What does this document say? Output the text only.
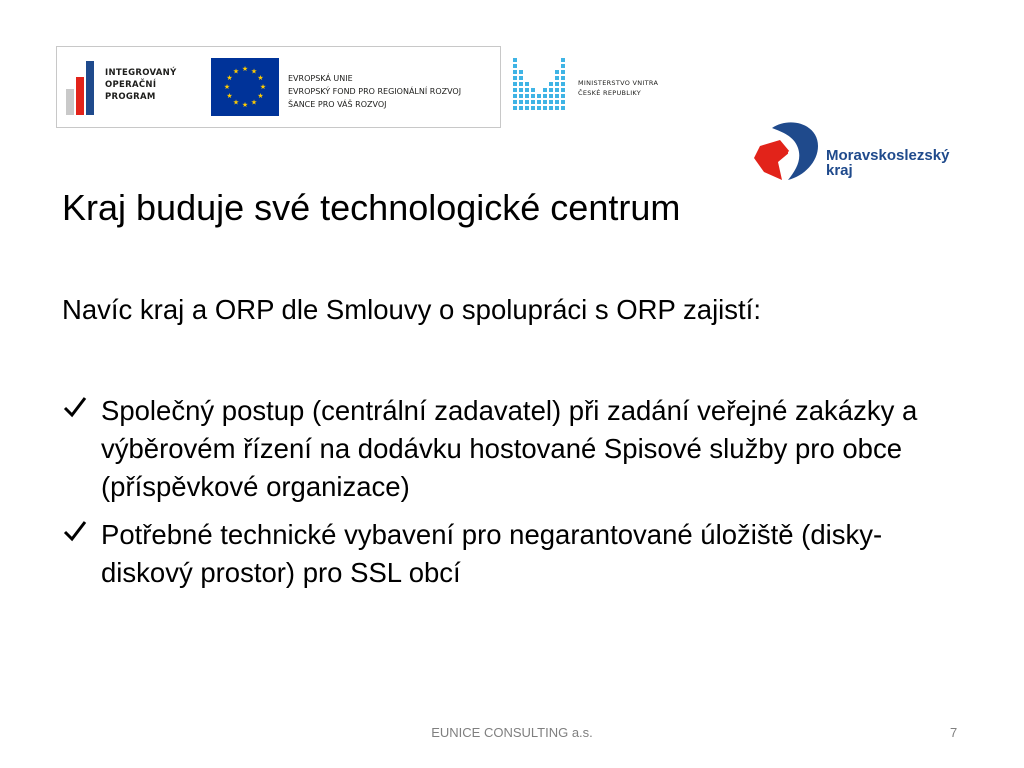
INTEGROVANÝ
OPERAČNÍ
PROGRAM
★ ★
★
★
★
★
★
★
★
★
★
★
EVROPSKÁ UNIE
EVROPSKÝ FOND PRO REGIONÁLNÍ ROZVOJ
ŠANCE PRO VÁŠ ROZVOJ
MINISTERSTVO VNITRA
ČESKÉ REPUBLIKY
Moravskoslezský
kraj
Kraj buduje své technologické centrum
Navíc kraj a ORP dle Smlouvy o spolupráci s ORP zajistí:
Společný postup (centrální zadavatel) při zadání veřejné zakázky a výběrovém řízení na dodávku hostované Spisové služby pro obce (příspěvkové organizace)
Potřebné technické vybavení pro negarantované úložiště (disky-diskový prostor) pro SSL obcí
EUNICE CONSULTING a.s.	7
